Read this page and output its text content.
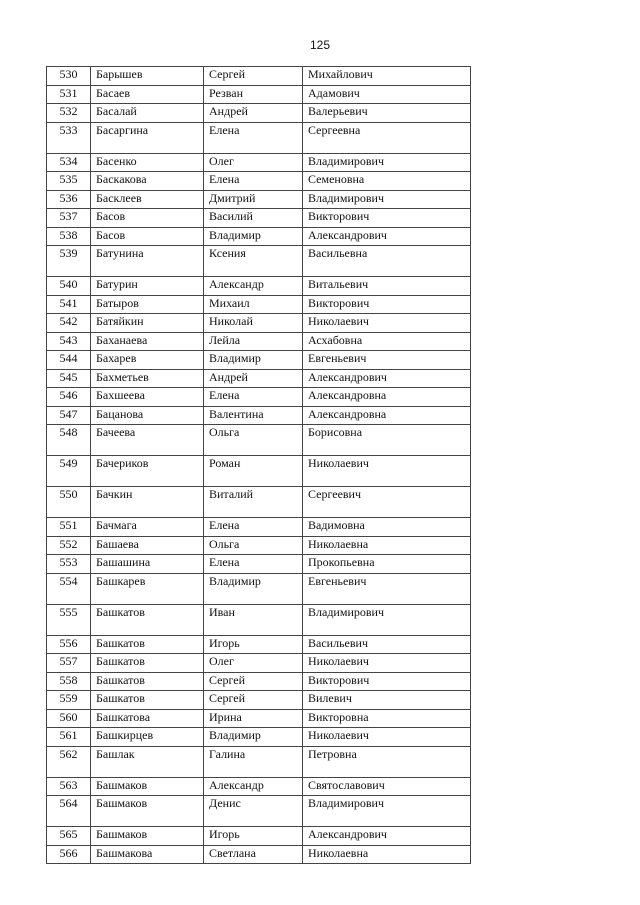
125
530	Барышев	Сергей	Михайлович
531	Басаев	Резван	Адамович
532	Басалай	Андрей	Валерьевич
533	Басаргина	Елена	Сергеевна
534	Басенко	Олег	Владимирович
535	Баскакова	Елена	Семеновна
536	Басклеев	Дмитрий	Владимирович
537	Басов	Василий	Викторович
538	Басов	Владимир	Александрович
539	Батунина	Ксения	Васильевна
540	Батурин	Александр	Витальевич
541	Батыров	Михаил	Викторович
542	Батяйкин	Николай	Николаевич
543	Баханаева	Лейла	Асхабовна
544	Бахарев	Владимир	Евгеньевич
545	Бахметьев	Андрей	Александрович
546	Бахшеева	Елена	Александровна
547	Бацанова	Валентина	Александровна
548	Бачеева	Ольга	Борисовна
549	Бачериков	Роман	Николаевич
550	Бачкин	Виталий	Сергеевич
551	Бачмага	Елена	Вадимовна
552	Башаева	Ольга	Николаевна
553	Башашина	Елена	Прокопьевна
554	Башкарев	Владимир	Евгеньевич
555	Башкатов	Иван	Владимирович
556	Башкатов	Игорь	Васильевич
557	Башкатов	Олег	Николаевич
558	Башкатов	Сергей	Викторович
559	Башкатов	Сергей	Вилевич
560	Башкатова	Ирина	Викторовна
561	Башкирцев	Владимир	Николаевич
562	Башлак	Галина	Петровна
563	Башмаков	Александр	Святославович
564	Башмаков	Денис	Владимирович
565	Башмаков	Игорь	Александрович
566	Башмакова	Светлана	Николаевна
